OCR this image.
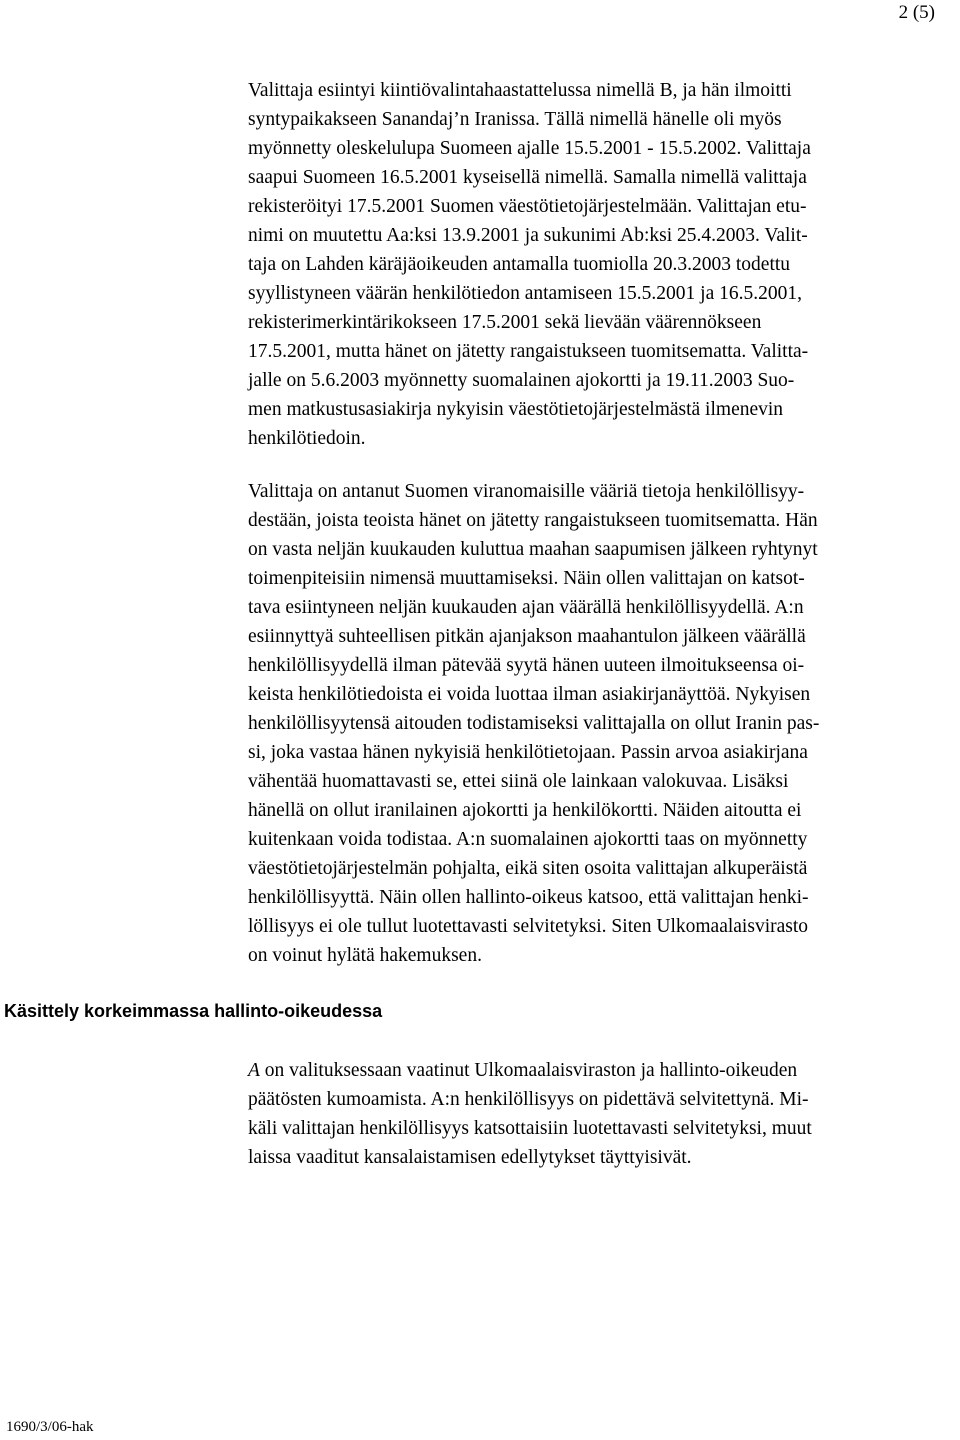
2 (5)
Valittaja esiintyi kiintiövalintahaastattelussa nimellä B, ja hän ilmoitti
syntypaikakseen Sanandaj’n Iranissa. Tällä nimellä hänelle oli myös
myönnetty oleskelulupa Suomeen ajalle 15.5.2001 - 15.5.2002. Valittaja
saapui Suomeen 16.5.2001 kyseisellä nimellä. Samalla nimellä valittaja
rekisteröityi 17.5.2001 Suomen väestötietojärjestelmään. Valittajan etu-
nimi on muutettu Aa:ksi 13.9.2001 ja sukunimi Ab:ksi 25.4.2003. Valit-
taja on Lahden käräjäoikeuden antamalla tuomiolla 20.3.2003 todettu
syyllistyneen väärän henkilötiedon antamiseen 15.5.2001 ja 16.5.2001,
rekisterimerkintärikokseen 17.5.2001 sekä lievään väärennökseen
17.5.2001, mutta hänet on jätetty rangaistukseen tuomitsematta. Valitta-
jalle on 5.6.2003 myönnetty suomalainen ajokortti ja 19.11.2003 Suo-
men matkustusasiakirja nykyisin väestötietojärjestelmästä ilmenevin
henkilötiedoin.
Valittaja on antanut Suomen viranomaisille vääriä tietoja henkilöllisyy-
destään, joista teoista hänet on jätetty rangaistukseen tuomitsematta. Hän
on vasta neljän kuukauden kuluttua maahan saapumisen jälkeen ryhtynyt
toimenpiteisiin nimensä muuttamiseksi. Näin ollen valittajan on katsot-
tava esiintyneen neljän kuukauden ajan väärällä henkilöllisyydellä. A:n
esiinnyttyä suhteellisen pitkän ajanjakson maahantulon jälkeen väärällä
henkilöllisyydellä ilman pätevää syytä hänen uuteen ilmoitukseensa oi-
keista henkilötiedoista ei voida luottaa ilman asiakirjanäyttöä. Nykyisen
henkilöllisyytensä aitouden todistamiseksi valittajalla on ollut Iranin pas-
si, joka vastaa hänen nykyisiä henkilötietojaan. Passin arvoa asiakirjana
vähentää huomattavasti se, ettei siinä ole lainkaan valokuvaa. Lisäksi
hänellä on ollut iranilainen ajokortti ja henkilökortti. Näiden aitoutta ei
kuitenkaan voida todistaa. A:n suomalainen ajokortti taas on myönnetty
väestötietojärjestelmän pohjalta, eikä siten osoita valittajan alkuperäistä
henkilöllisyyttä. Näin ollen hallinto-oikeus katsoo, että valittajan henki-
löllisyys ei ole tullut luotettavasti selvitetyksi. Siten Ulkomaalaisvirasto
on voinut hylätä hakemuksen.
Käsittely korkeimmassa hallinto-oikeudessa
A on valituksessaan vaatinut Ulkomaalaisviraston ja hallinto-oikeuden
päätösten kumoamista. A:n henkilöllisyys on pidettävä selvitettynä. Mi-
käli valittajan henkilöllisyys katsottaisiin luotettavasti selvitetyksi, muut
laissa vaaditut kansalaistamisen edellytykset täyttyisivät.
1690/3/06-hak
